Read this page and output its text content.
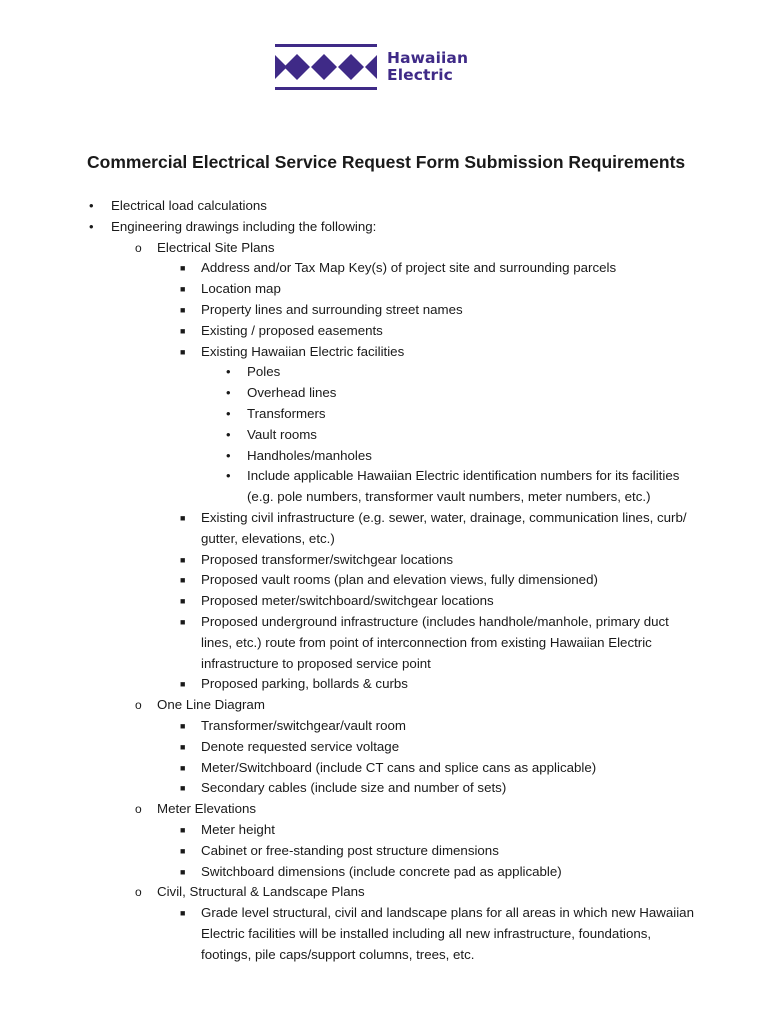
Hawaiian
Electric
Commercial Electrical Service Request Form Submission Requirements
• Electrical load calculations
• Engineering drawings including the following:
o Electrical Site Plans
■ Address and/or Tax Map Key(s) of project site and surrounding parcels
■ Location map
■ Property lines and surrounding street names
■ Existing / proposed easements
■ Existing Hawaiian Electric facilities
• Poles
• Overhead lines
• Transformers
• Vault rooms
• Handholes/manholes
• Include applicable Hawaiian Electric identification numbers for its facilities
(e.g. pole numbers, transformer vault numbers, meter numbers, etc.)
■ Existing civil infrastructure (e.g. sewer, water, drainage, communication lines, curb/
gutter, elevations, etc.)
■ Proposed transformer/switchgear locations
■ Proposed vault rooms (plan and elevation views, fully dimensioned)
■ Proposed meter/switchboard/switchgear locations
■ Proposed underground infrastructure (includes handhole/manhole, primary duct
lines, etc.) route from point of interconnection from existing Hawaiian Electric
infrastructure to proposed service point
■ Proposed parking, bollards & curbs
o One Line Diagram
■ Transformer/switchgear/vault room
■ Denote requested service voltage
■ Meter/Switchboard (include CT cans and splice cans as applicable)
■ Secondary cables (include size and number of sets)
o Meter Elevations
■ Meter height
■ Cabinet or free-standing post structure dimensions
■ Switchboard dimensions (include concrete pad as applicable)
o Civil, Structural & Landscape Plans
■ Grade level structural, civil and landscape plans for all areas in which new Hawaiian
Electric facilities will be installed including all new infrastructure, foundations,
footings, pile caps/support columns, trees, etc.
